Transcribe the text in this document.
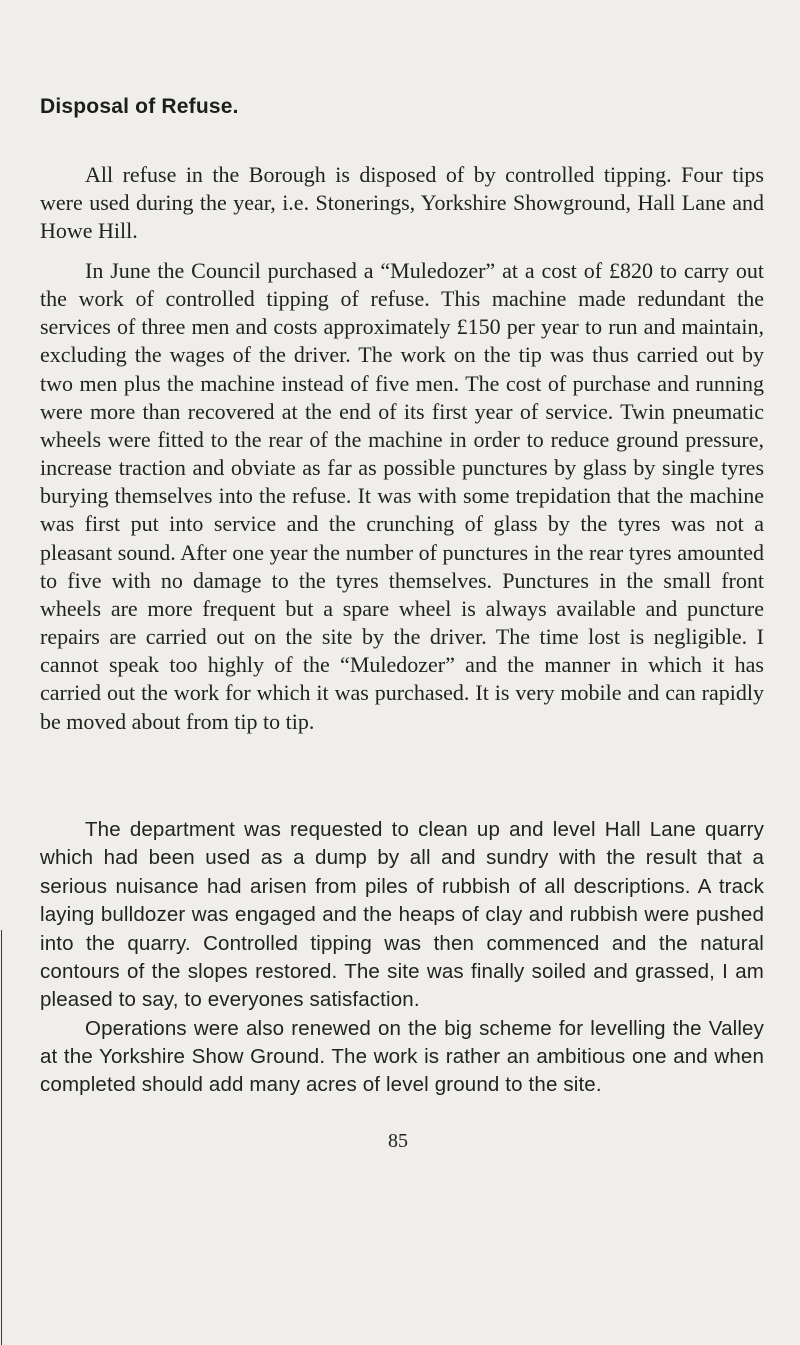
Disposal of Refuse.

All refuse in the Borough is disposed of by controlled tipping. Four tips were used during the year, i.e. Stonerings, Yorkshire Showground, Hall Lane and Howe Hill.

In June the Council purchased a “Muledozer” at a cost of £820 to carry out the work of controlled tipping of refuse. This machine made redundant the services of three men and costs approximately £150 per year to run and maintain, excluding the wages of the driver. The work on the tip was thus carried out by two men plus the machine instead of five men. The cost of purchase and running were more than recovered at the end of its first year of service. Twin pneumatic wheels were fitted to the rear of the machine in order to reduce ground pressure, increase traction and obviate as far as possible punctures by glass by single tyres burying themselves into the refuse. It was with some trepidation that the machine was first put into service and the crunching of glass by the tyres was not a pleasant sound. After one year the number of punctures in the rear tyres amounted to five with no damage to the tyres themselves. Punctures in the small front wheels are more frequent but a spare wheel is always available and puncture repairs are carried out on the site by the driver. The time lost is negligible. I cannot speak too highly of the “Muledozer” and the manner in which it has carried out the work for which it was purchased. It is very mobile and can rapidly be moved about from tip to tip.

The department was requested to clean up and level Hall Lane quarry which had been used as a dump by all and sundry with the result that a serious nuisance had arisen from piles of rubbish of all descriptions. A track laying bulldozer was engaged and the heaps of clay and rubbish were pushed into the quarry. Controlled tipping was then commenced and the natural contours of the slopes restored. The site was finally soiled and grassed, I am pleased to say, to everyones satisfaction.

Operations were also renewed on the big scheme for levelling the Valley at the Yorkshire Show Ground. The work is rather an ambitious one and when completed should add many acres of level ground to the site.

85
